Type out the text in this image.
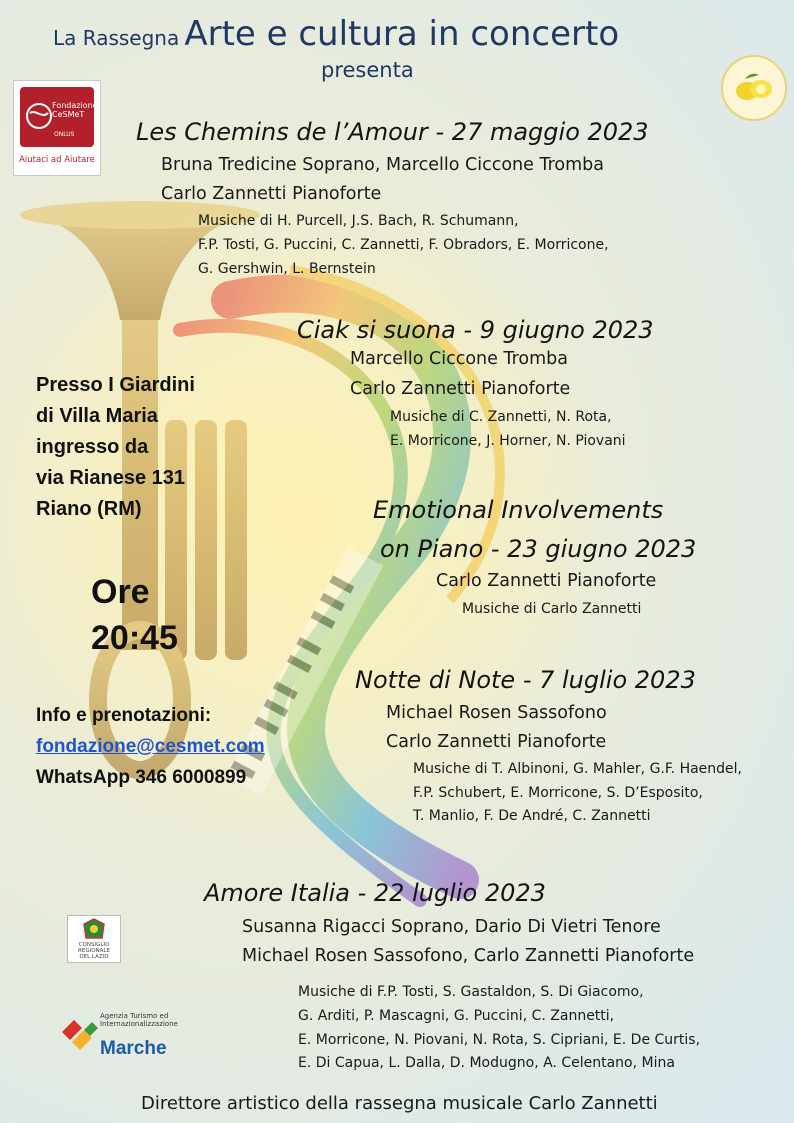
La Rassegna Arte e cultura in concerto
presenta
Fondazione CeSMeT
ONLUS
Aiutaci ad Aiutare
Les Chemins de l’Amour - 27 maggio 2023
Bruna Tredicine Soprano, Marcello Ciccone Tromba
Carlo Zannetti Pianoforte
Musiche di H. Purcell, J.S. Bach, R. Schumann,
F.P. Tosti, G. Puccini, C. Zannetti, F. Obradors, E. Morricone,
G. Gershwin, L. Bernstein
Ciak si suona - 9 giugno 2023
Marcello Ciccone Tromba
Carlo Zannetti Pianoforte
Musiche di C. Zannetti, N. Rota,
E. Morricone, J. Horner, N. Piovani
Emotional Involvements
on Piano - 23 giugno 2023
Carlo Zannetti Pianoforte
Musiche di Carlo Zannetti
Notte di Note - 7 luglio 2023
Michael Rosen Sassofono
Carlo Zannetti Pianoforte
Musiche di T. Albinoni, G. Mahler, G.F. Haendel,
F.P. Schubert, E. Morricone, S. D’Esposito,
T. Manlio, F. De André, C. Zannetti
Amore Italia - 22 luglio 2023
Susanna Rigacci Soprano, Dario Di Vietri Tenore
Michael Rosen Sassofono, Carlo Zannetti Pianoforte
Musiche di F.P. Tosti, S. Gastaldon, S. Di Giacomo,
G. Arditi, P. Mascagni, G. Puccini, C. Zannetti,
E. Morricone, N. Piovani, N. Rota, S. Cipriani, E. De Curtis,
E. Di Capua, L. Dalla, D. Modugno, A. Celentano, Mina
Presso I Giardini
di Villa Maria
ingresso da
via Rianese 131
Riano (RM)
Ore
20:45
Info e prenotazioni:
fondazione@cesmet.com
WhatsApp 346 6000899
CONSIGLIO
REGIONALE
DEL LAZIO
Agenzia Turismo ed Internazionalizzazione
Marche
Direttore artistico della rassegna musicale Carlo Zannetti
